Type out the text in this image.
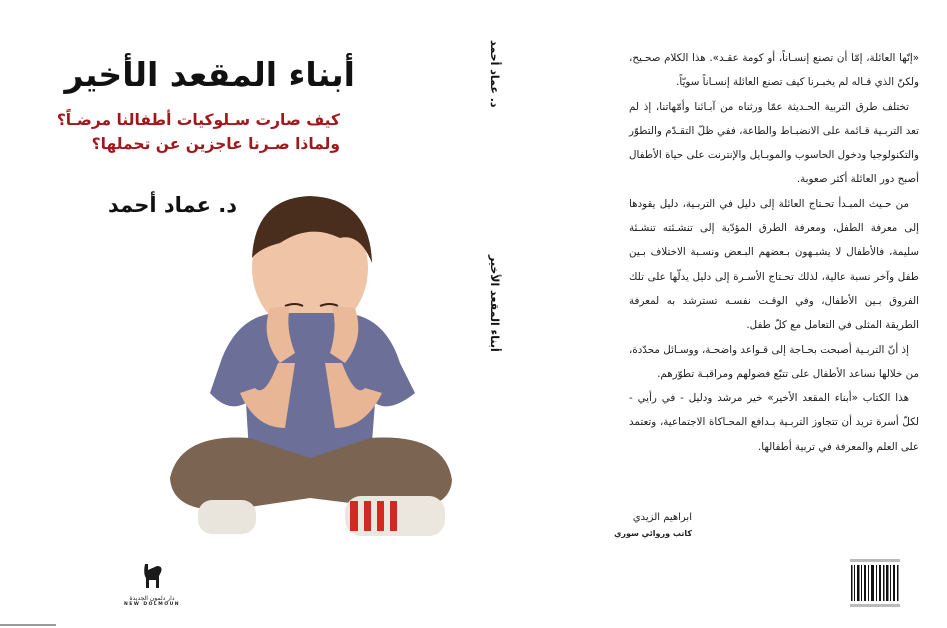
أبناء المقعد الأخير
كيف صارت سـلوكيات أطفالنا مرضـاً؟
ولماذا صـرنا عاجزين عن تحملها؟
د. عماد أحمد
دار دلمون الجديدة
NEW DOLMOUN
د. عماد أحمد
أبناء المقعد الأخير

«إنّها العائلة، إمّا أن تصنع إنسـاناً، أو كومة عقـد». هذا الكلام صحـيح، ولكنّ الذي قـاله لم يخبـرنا كيف تصنع العائلة إنسـاناً سويّاً.

تختلف طرق التربية الحـديثة عمّا ورثناه من آبـائنا وأمّهاتنا، إذ لم تعد التربـية قـائمة على الانضبـاط والطاعة، ففي ظلّ التقـدّم والتطوّر والتكنولوجيا ودخول الحاسوب والموبـايل والإنترنت على حياة الأطفال أصبح دور العائلة أكثر صعوبة.

من حـيث المبـدأ تحـتاج العائلة إلى دليل في التربـية، دليل يقودها إلى معرفة الطفل، ومعرفة الطرق المؤدّية إلى تنشـئته تنشـئة سليمة، فالأطفال لا يشبـهون بـعضهم البـعض ونسـبة الاختلاف بـين طفل وآخر نسبة عالية، لذلك تحـتاج الأسـرة إلى دليل يدلّها على تلك الفروق بـين الأطفال، وفي الوقـت نفسـه تسترشد به لمعرفة الطريقة المثلى في التعامل مع كلّ طفل.

إذ أنّ التربـية أصبحت بحـاجة إلى قـواعد واضحـة، ووسـائل محدّدة، من خلالها نساعد الأطفال على تتبّع فضولهم ومراقبـة تطوّرهم.

هذا الكتاب «أبناء المقعد الأخير» خير مرشد ودليل - في رأيي - لكلّ أسرة تريد أن تتجاوز التربـية بـدافع المحـاكاة الاجتماعية، وتعتمد على العلم والمعرفة في تربية أطفالها.

ابراهيم الزيدي
كاتب وروائي سوري
